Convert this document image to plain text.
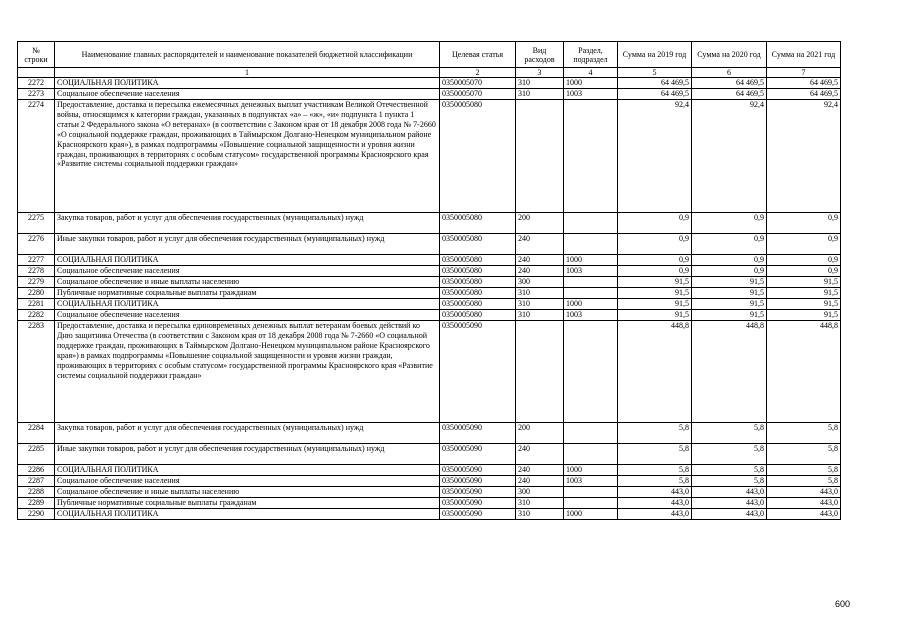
№ строки	Наименование главных распорядителей и наименование показателей бюджетной классификации	Целевая статья	Вид расходов	Раздел, подраздел	Сумма на 2019 год	Сумма на 2020 год	Сумма на 2021 год
	1	2	3	4	5	6	7
2272	СОЦИАЛЬНАЯ ПОЛИТИКА	0350005070	310	1000	64 469,5	64 469,5	64 469,5
2273	Социальное обеспечение населения	0350005070	310	1003	64 469,5	64 469,5	64 469,5
2274	Предоставление, доставка и пересылка ежемесячных денежных выплат участникам Великой Отечественной войны, относящимся к категории граждан, указанных в подпунктах «а» – «ж», «и» подпункта 1 пункта 1 статьи 2 Федерального закона «О ветеранах» (в соответствии с Законом края от 18 декабря 2008 года № 7-2660 «О социальной поддержке граждан, проживающих в Таймырском Долгано-Ненецком муниципальном районе Красноярского края»), в рамках подпрограммы «Повышение социальной защищенности и уровня жизни граждан, проживающих в территориях с особым статусом» государственной программы Красноярского края «Развитие системы социальной поддержки граждан»	0350005080			92,4	92,4	92,4
2275	Закупка товаров, работ и услуг для обеспечения государственных (муниципальных) нужд	0350005080	200		0,9	0,9	0,9
2276	Иные закупки товаров, работ и услуг для обеспечения государственных (муниципальных) нужд	0350005080	240		0,9	0,9	0,9
2277	СОЦИАЛЬНАЯ ПОЛИТИКА	0350005080	240	1000	0,9	0,9	0,9
2278	Социальное обеспечение населения	0350005080	240	1003	0,9	0,9	0,9
2279	Социальное обеспечение и иные выплаты населению	0350005080	300		91,5	91,5	91,5
2280	Публичные нормативные социальные выплаты гражданам	0350005080	310		91,5	91,5	91,5
2281	СОЦИАЛЬНАЯ ПОЛИТИКА	0350005080	310	1000	91,5	91,5	91,5
2282	Социальное обеспечение населения	0350005080	310	1003	91,5	91,5	91,5
2283	Предоставление, доставка и пересылка единовременных денежных выплат ветеранам боевых действий ко Дню защитника Отечества (в соответствии с Законом края от 18 декабря 2008 года № 7-2660 «О социальной поддержке граждан, проживающих в Таймырском Долгано-Ненецком муниципальном районе Красноярского края») в рамках подпрограммы «Повышение социальной защищенности и уровня жизни граждан, проживающих в территориях с особым статусом» государственной программы Красноярского края «Развитие системы социальной поддержки граждан»	0350005090			448,8	448,8	448,8
2284	Закупка товаров, работ и услуг для обеспечения государственных (муниципальных) нужд	0350005090	200		5,8	5,8	5,8
2285	Иные закупки товаров, работ и услуг для обеспечения государственных (муниципальных) нужд	0350005090	240		5,8	5,8	5,8
2286	СОЦИАЛЬНАЯ ПОЛИТИКА	0350005090	240	1000	5,8	5,8	5,8
2287	Социальное обеспечение населения	0350005090	240	1003	5,8	5,8	5,8
2288	Социальное обеспечение и иные выплаты населению	0350005090	300		443,0	443,0	443,0
2289	Публичные нормативные социальные выплаты гражданам	0350005090	310		443,0	443,0	443,0
2290	СОЦИАЛЬНАЯ ПОЛИТИКА	0350005090	310	1000	443,0	443,0	443,0
600
